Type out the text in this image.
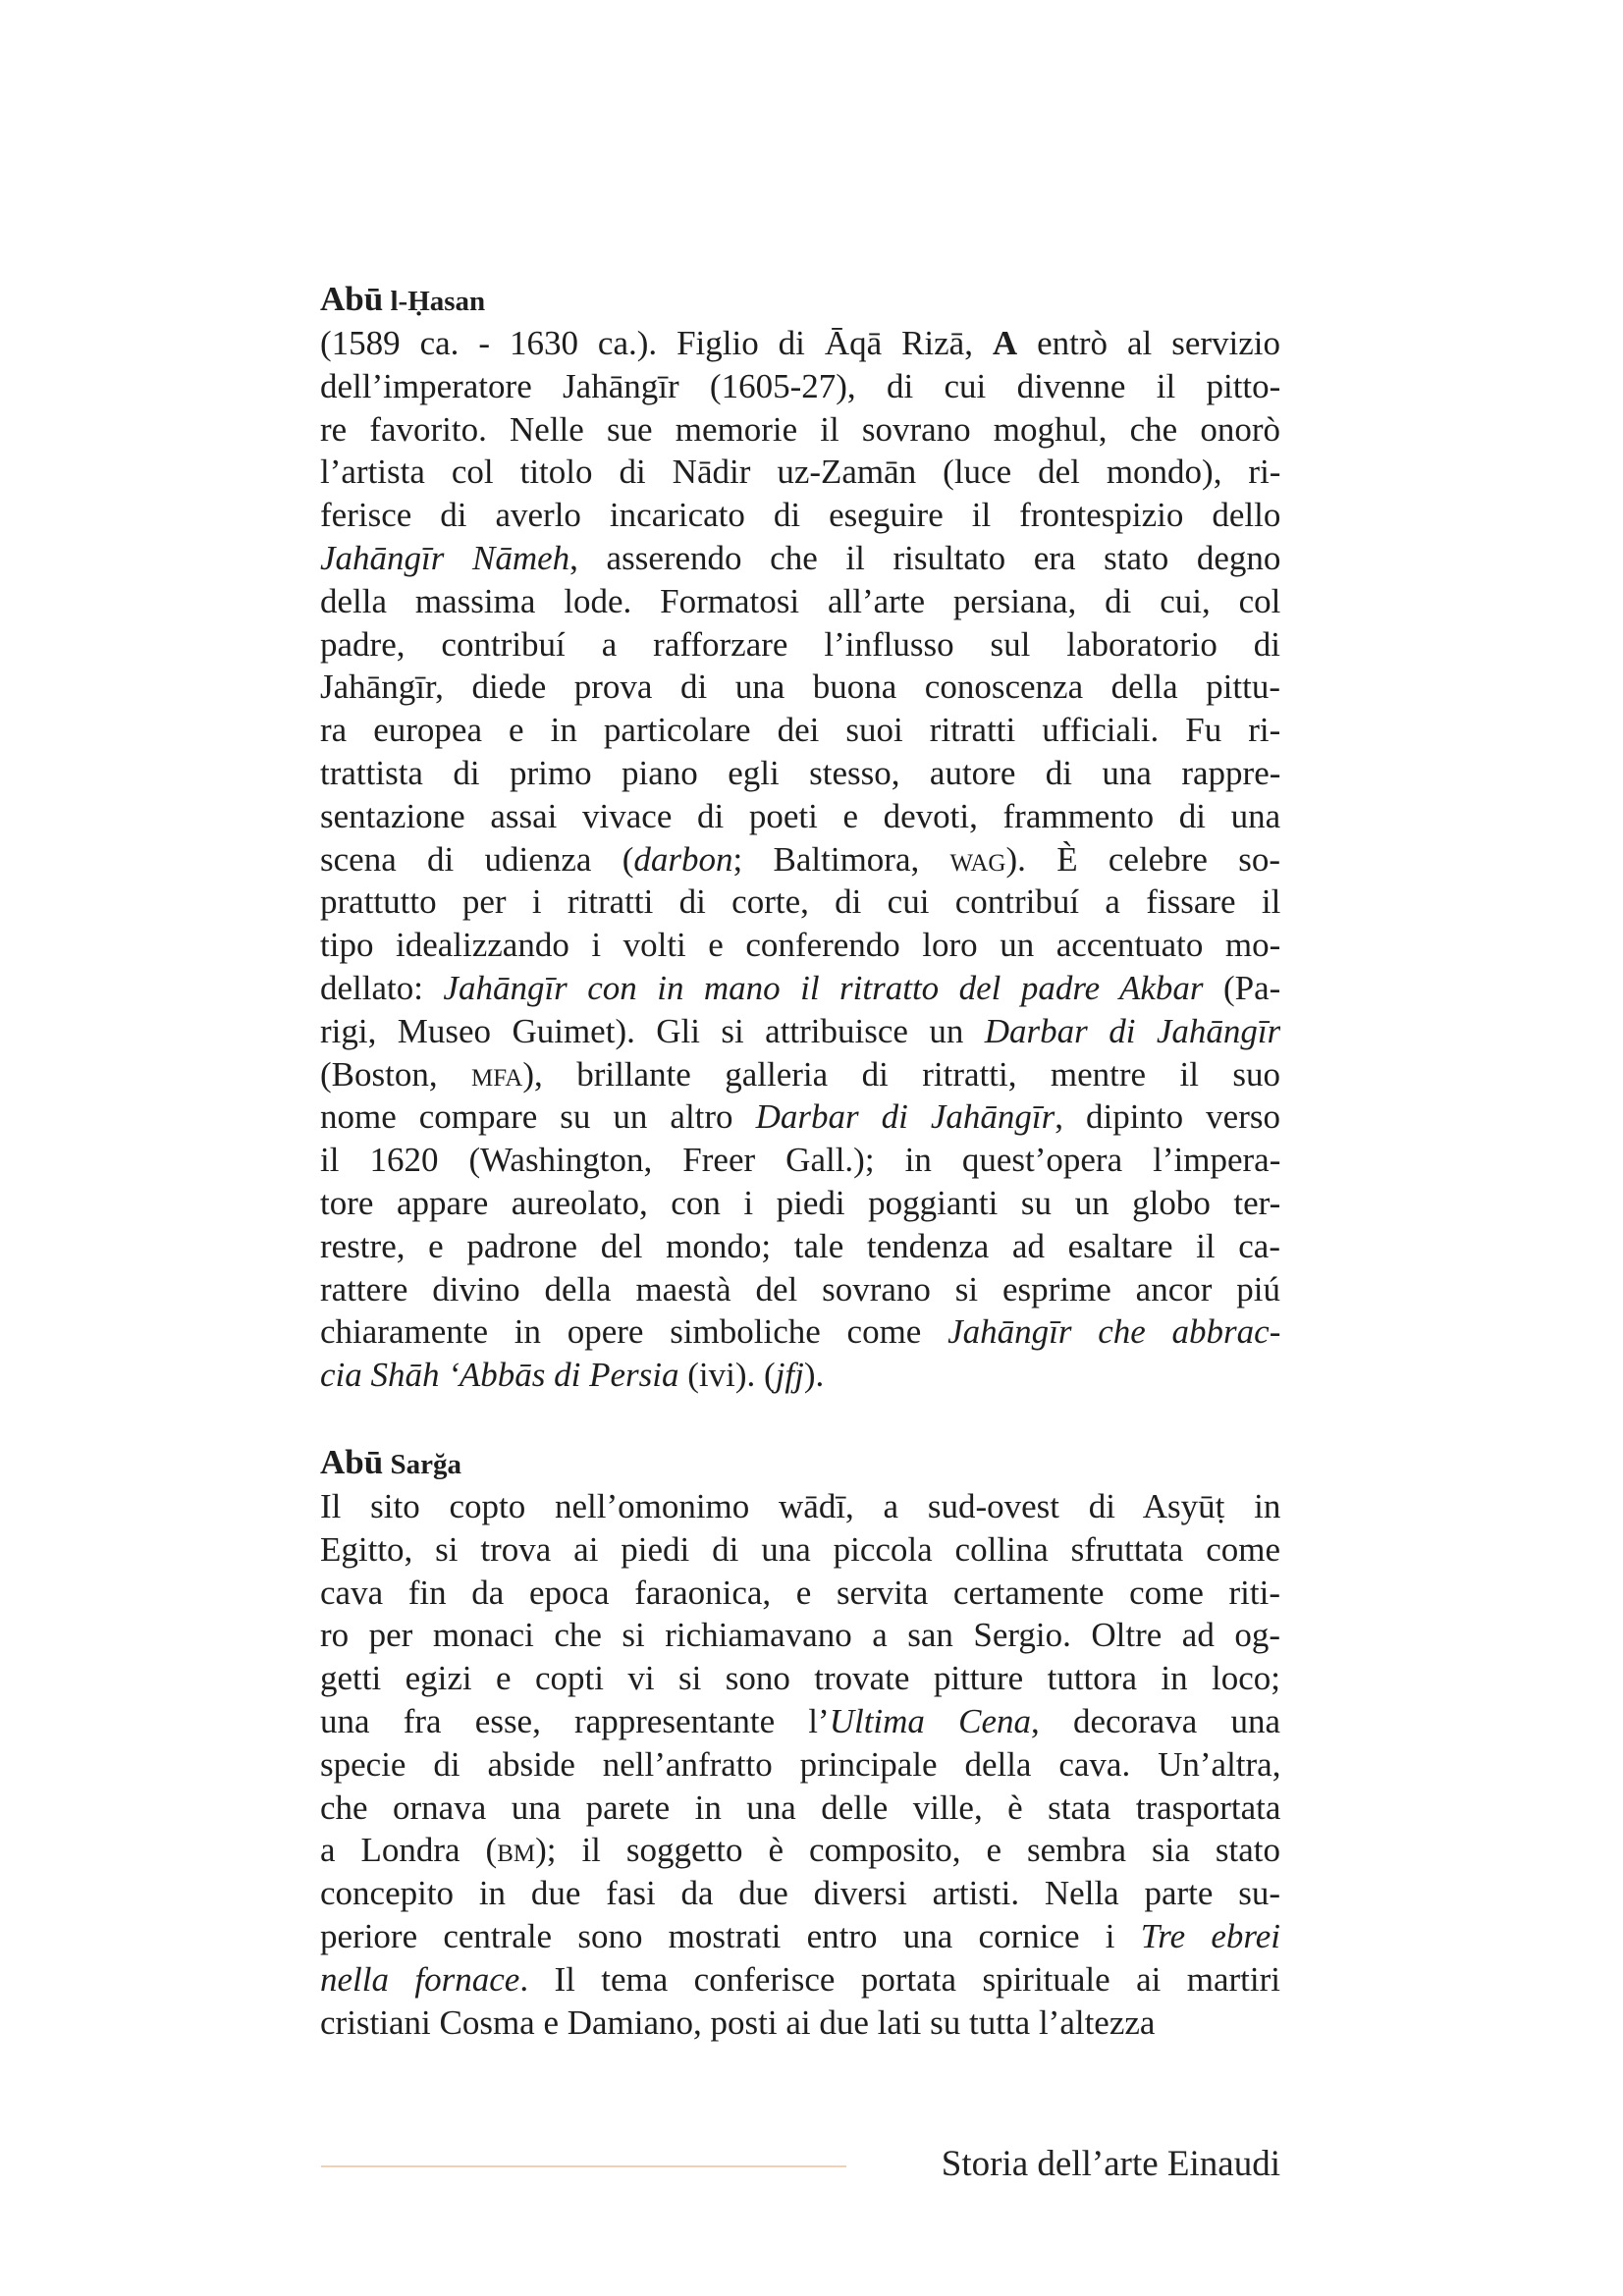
Abū l-Ḥasan
(1589 ca. - 1630 ca.). Figlio di Āqā Rizā, A entrò al servizio
dell’imperatore Jahāngīr (1605-27), di cui divenne il pitto-
re favorito. Nelle sue memorie il sovrano moghul, che onorò
l’artista col titolo di Nādir uz-Zamān (luce del mondo), ri-
ferisce di averlo incaricato di eseguire il frontespizio dello
Jahāngīr Nāmeh, asserendo che il risultato era stato degno
della massima lode. Formatosi all’arte persiana, di cui, col
padre, contribuí a rafforzare l’influsso sul laboratorio di
Jahāngīr, diede prova di una buona conoscenza della pittu-
ra europea e in particolare dei suoi ritratti ufficiali. Fu ri-
trattista di primo piano egli stesso, autore di una rappre-
sentazione assai vivace di poeti e devoti, frammento di una
scena di udienza (darbon; Baltimora, wag). È celebre so-
prattutto per i ritratti di corte, di cui contribuí a fissare il
tipo idealizzando i volti e conferendo loro un accentuato mo-
dellato: Jahāngīr con in mano il ritratto del padre Akbar (Pa-
rigi, Museo Guimet). Gli si attribuisce un Darbar di Jahāngīr
(Boston, mfa), brillante galleria di ritratti, mentre il suo
nome compare su un altro Darbar di Jahāngīr, dipinto verso
il 1620 (Washington, Freer Gall.); in quest’opera l’impera-
tore appare aureolato, con i piedi poggianti su un globo ter-
restre, e padrone del mondo; tale tendenza ad esaltare il ca-
rattere divino della maestà del sovrano si esprime ancor piú
chiaramente in opere simboliche come Jahāngīr che abbrac-
cia Shāh ‘Abbās di Persia (ivi). (jfj).
Abū Sarğa
Il sito copto nell’omonimo wādī, a sud-ovest di Asyūṭ in
Egitto, si trova ai piedi di una piccola collina sfruttata come
cava fin da epoca faraonica, e servita certamente come riti-
ro per monaci che si richiamavano a san Sergio. Oltre ad og-
getti egizi e copti vi si sono trovate pitture tuttora in loco;
una fra esse, rappresentante l’Ultima Cena, decorava una
specie di abside nell’anfratto principale della cava. Un’altra,
che ornava una parete in una delle ville, è stata trasportata
a Londra (bm); il soggetto è composito, e sembra sia stato
concepito in due fasi da due diversi artisti. Nella parte su-
periore centrale sono mostrati entro una cornice i Tre ebrei
nella fornace. Il tema conferisce portata spirituale ai martiri
cristiani Cosma e Damiano, posti ai due lati su tutta l’altezza
Storia dell’arte Einaudi
